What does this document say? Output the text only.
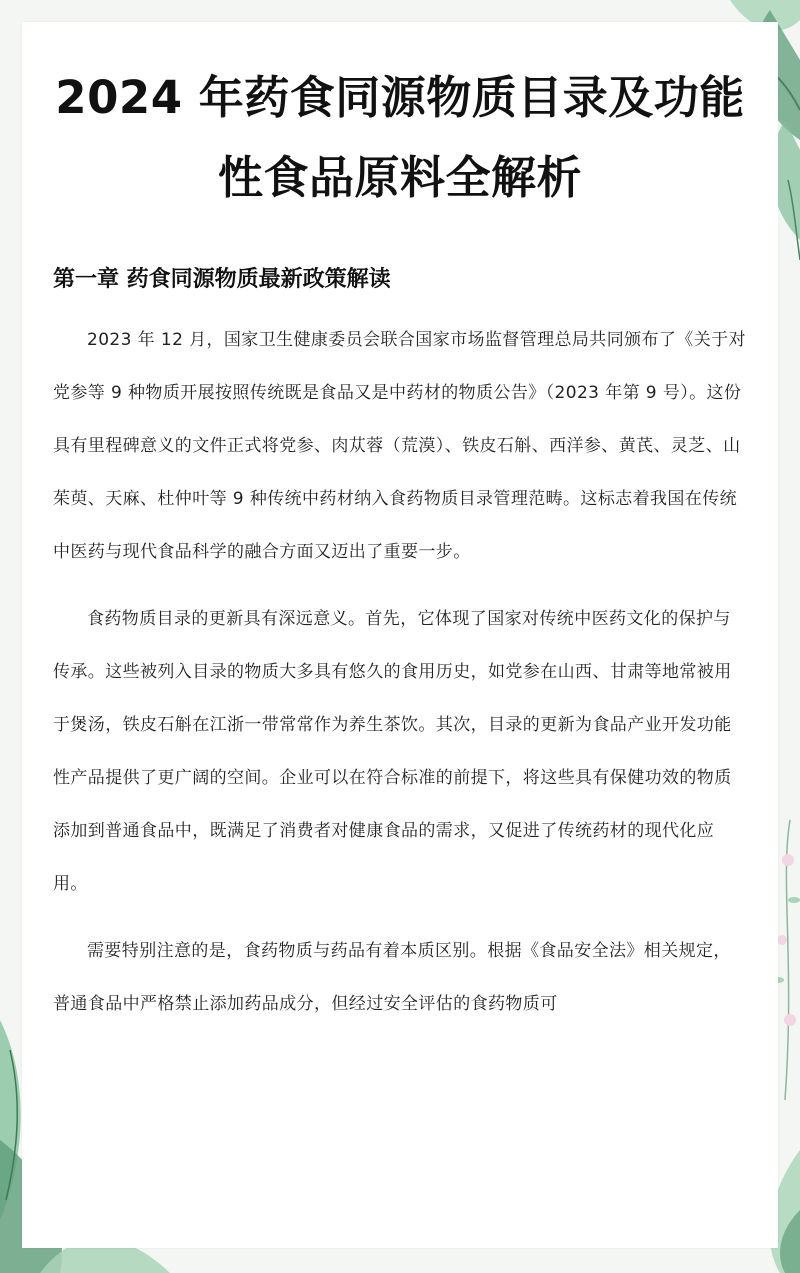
2024 年药食同源物质目录及功能性食品原料全解析
第一章 药食同源物质最新政策解读

2023 年 12 月，国家卫生健康委员会联合国家市场监督管理总局共同颁布了《关于对党参等 9 种物质开展按照传统既是食品又是中药材的物质公告》（2023 年第 9 号）。这份具有里程碑意义的文件正式将党参、肉苁蓉（荒漠）、铁皮石斛、西洋参、黄芪、灵芝、山茱萸、天麻、杜仲叶等 9 种传统中药材纳入食药物质目录管理范畴。这标志着我国在传统中医药与现代食品科学的融合方面又迈出了重要一步。

食药物质目录的更新具有深远意义。首先，它体现了国家对传统中医药文化的保护与传承。这些被列入目录的物质大多具有悠久的食用历史，如党参在山西、甘肃等地常被用于煲汤，铁皮石斛在江浙一带常常作为养生茶饮。其次，目录的更新为食品产业开发功能性产品提供了更广阔的空间。企业可以在符合标准的前提下，将这些具有保健功效的物质添加到普通食品中，既满足了消费者对健康食品的需求，又促进了传统药材的现代化应用。

需要特别注意的是，食药物质与药品有着本质区别。根据《食品安全法》相关规定，普通食品中严格禁止添加药品成分，但经过安全评估的食药物质可
